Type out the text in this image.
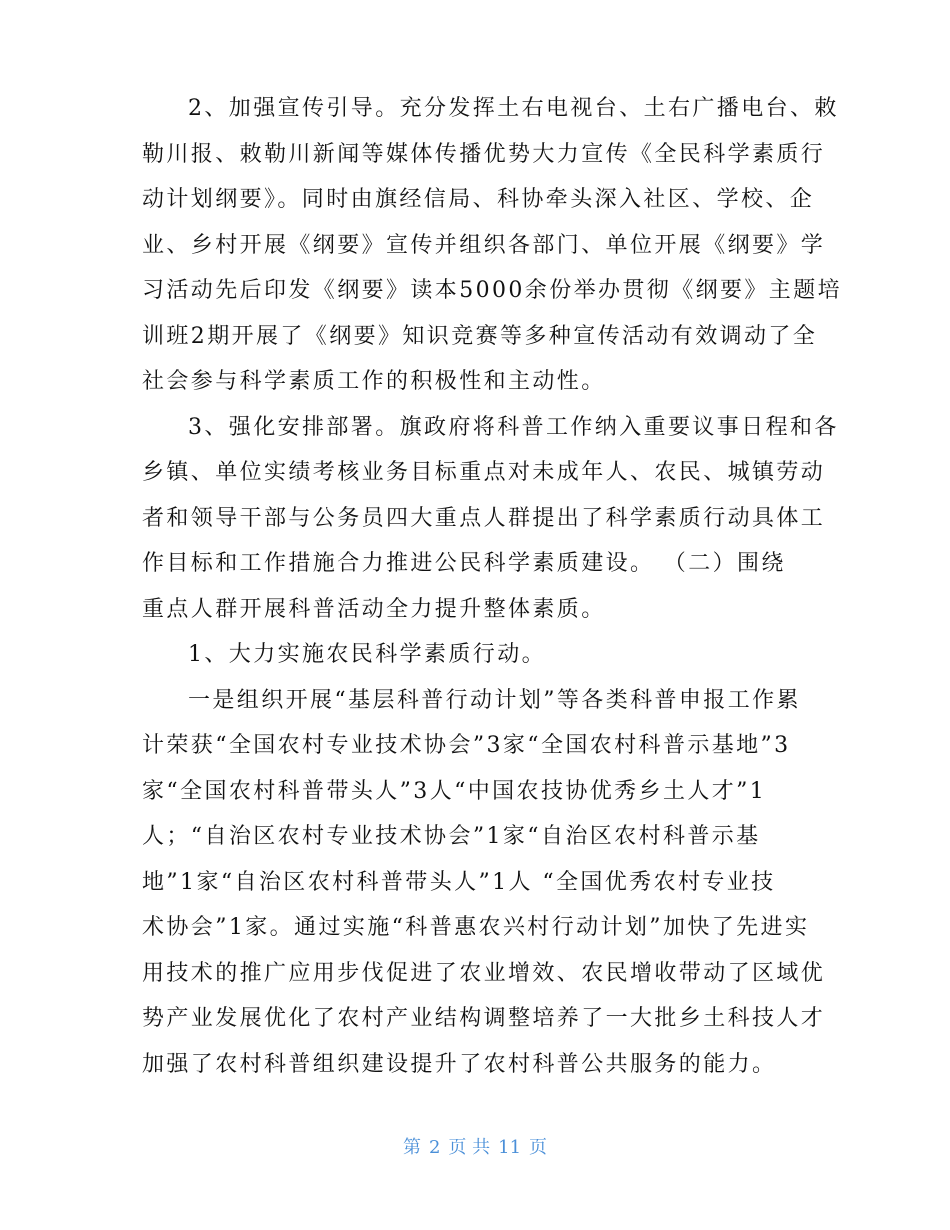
2、加强宣传引导。充分发挥土右电视台、土右广播电台、敕
勒川报、敕勒川新闻等媒体传播优势大力宣传《全民科学素质行
动计划纲要》。同时由旗经信局、科协牵头深入社区、学校、企
业、乡村开展《纲要》宣传并组织各部门、单位开展《纲要》学
习活动先后印发《纲要》读本5000余份举办贯彻《纲要》主题培
训班2期开展了《纲要》知识竞赛等多种宣传活动有效调动了全
社会参与科学素质工作的积极性和主动性。
3、强化安排部署。旗政府将科普工作纳入重要议事日程和各
乡镇、单位实绩考核业务目标重点对未成年人、农民、城镇劳动
者和领导干部与公务员四大重点人群提出了科学素质行动具体工
作目标和工作措施合力推进公民科学素质建设。 （二）围绕
重点人群开展科普活动全力提升整体素质。
1、大力实施农民科学素质行动。
一是组织开展“基层科普行动计划”等各类科普申报工作累
计荣获“全国农村专业技术协会”3家“全国农村科普示基地”3
家“全国农村科普带头人”3人“中国农技协优秀乡土人才”1
人；“自治区农村专业技术协会”1家“自治区农村科普示基
地”1家“自治区农村科普带头人”1人 “全国优秀农村专业技
术协会”1家。通过实施“科普惠农兴村行动计划”加快了先进实
用技术的推广应用步伐促进了农业增效、农民增收带动了区域优
势产业发展优化了农村产业结构调整培养了一大批乡土科技人才
加强了农村科普组织建设提升了农村科普公共服务的能力。
第 2 页 共 11 页
